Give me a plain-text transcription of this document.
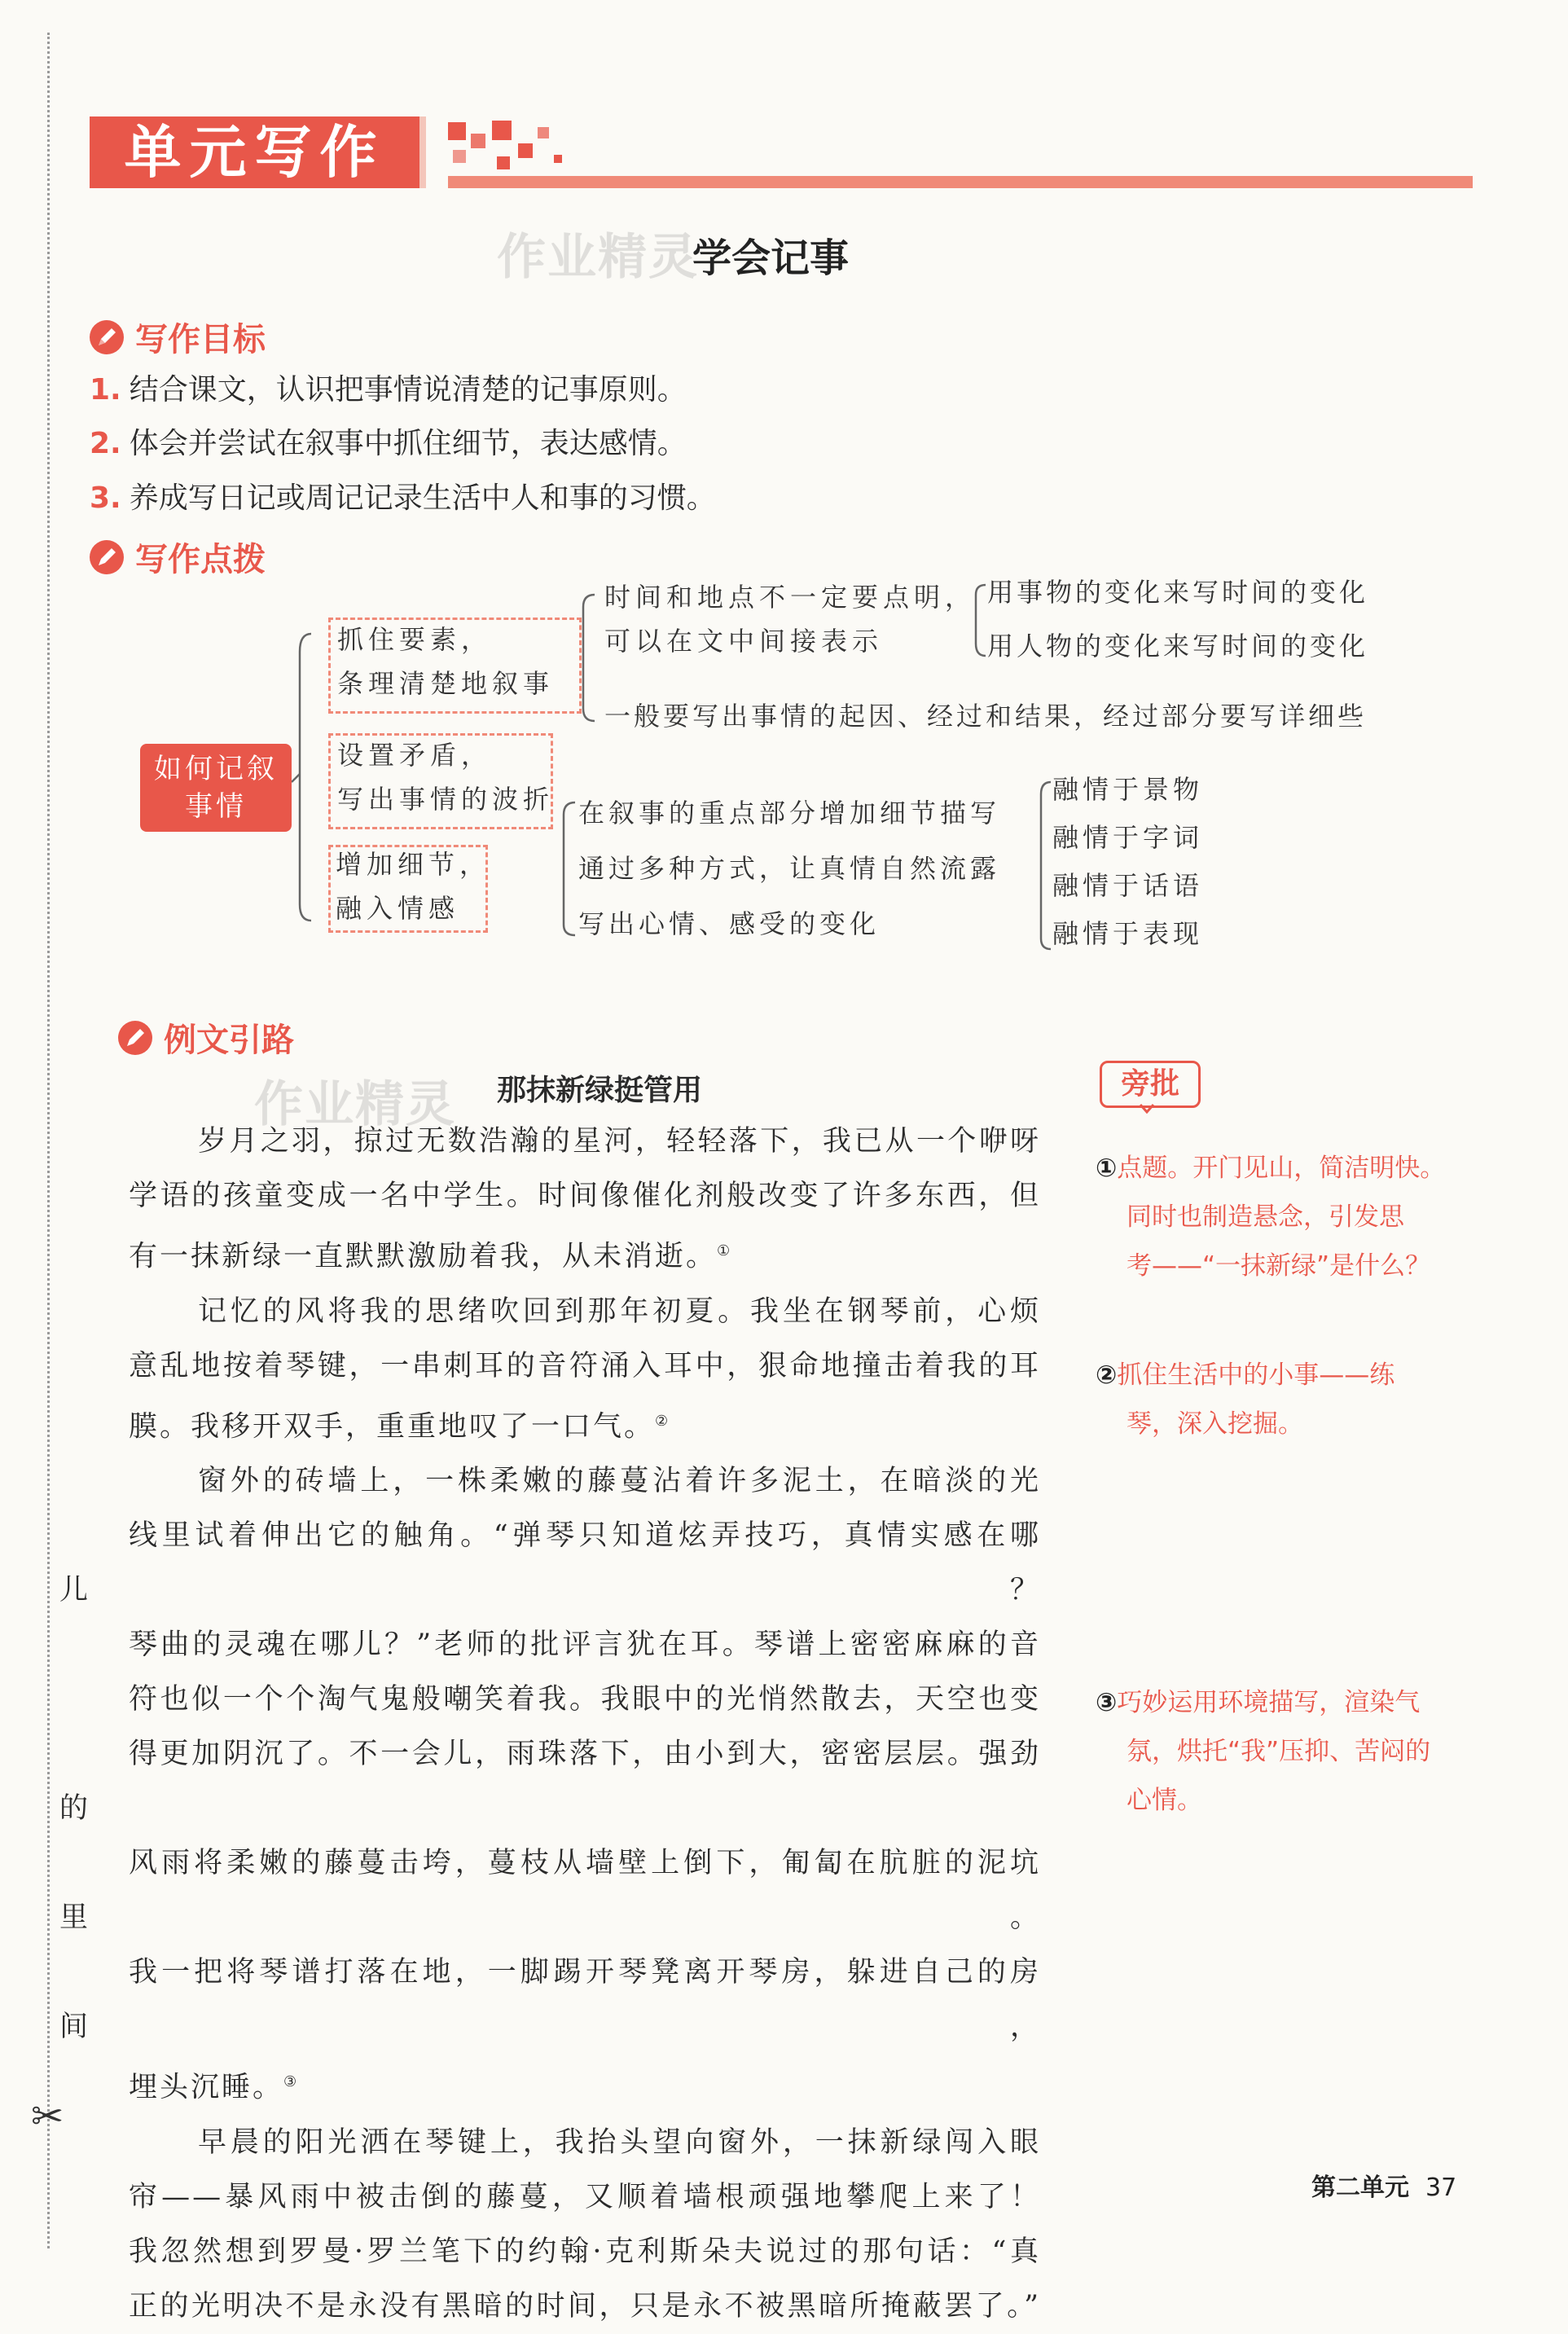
✂
单元写作
作业精灵
学会记事
写作目标
1. 结合课文，认识把事情说清楚的记事原则。
2. 体会并尝试在叙事中抓住细节，表达感情。
3. 养成写日记或周记记录生活中人和事的习惯。
写作点拨
如何记叙事情
抓住要素，
条理清楚地叙事
时间和地点不一定要点明，
可以在文中间接表示
用事物的变化来写时间的变化
用人物的变化来写时间的变化
一般要写出事情的起因、经过和结果，经过部分要写详细些
设置矛盾，
写出事情的波折
增加细节，
融入情感
在叙事的重点部分增加细节描写
通过多种方式，让真情自然流露
写出心情、感受的变化
融情于景物
融情于字词
融情于话语
融情于表现
例文引路
作业精灵 那抹新绿挺管用

岁月之羽，掠过无数浩瀚的星河，轻轻落下，我已从一个咿呀
学语的孩童变成一名中学生。时间像催化剂般改变了许多东西，但
有一抹新绿一直默默激励着我，从未消逝。①

记忆的风将我的思绪吹回到那年初夏。我坐在钢琴前，心烦
意乱地按着琴键，一串刺耳的音符涌入耳中，狠命地撞击着我的耳
膜。我移开双手，重重地叹了一口气。②

窗外的砖墙上，一株柔嫩的藤蔓沾着许多泥土，在暗淡的光
线里试着伸出它的触角。“弹琴只知道炫弄技巧，真情实感在哪儿？
琴曲的灵魂在哪儿？”老师的批评言犹在耳。琴谱上密密麻麻的音
符也似一个个淘气鬼般嘲笑着我。我眼中的光悄然散去，天空也变
得更加阴沉了。不一会儿，雨珠落下，由小到大，密密层层。强劲的
风雨将柔嫩的藤蔓击垮，蔓枝从墙壁上倒下，匍匐在肮脏的泥坑里。
我一把将琴谱打落在地，一脚踢开琴凳离开琴房，躲进自己的房间，
埋头沉睡。③

早晨的阳光洒在琴键上，我抬头望向窗外，一抹新绿闯入眼
帘——暴风雨中被击倒的藤蔓，又顺着墙根顽强地攀爬上来了！
我忽然想到罗曼·罗兰笔下的约翰·克利斯朵夫说过的那句话：“真
正的光明决不是永没有黑暗的时间，只是永不被黑暗所掩蔽罢了。”

旁批
①点题。开门见山，简洁明快。
同时也制造悬念，引发思
考——“一抹新绿”是什么？
②抓住生活中的小事——练
琴，深入挖掘。
③巧妙运用环境描写，渲染气
氛，烘托“我”压抑、苦闷的
心情。
第二单元 37
